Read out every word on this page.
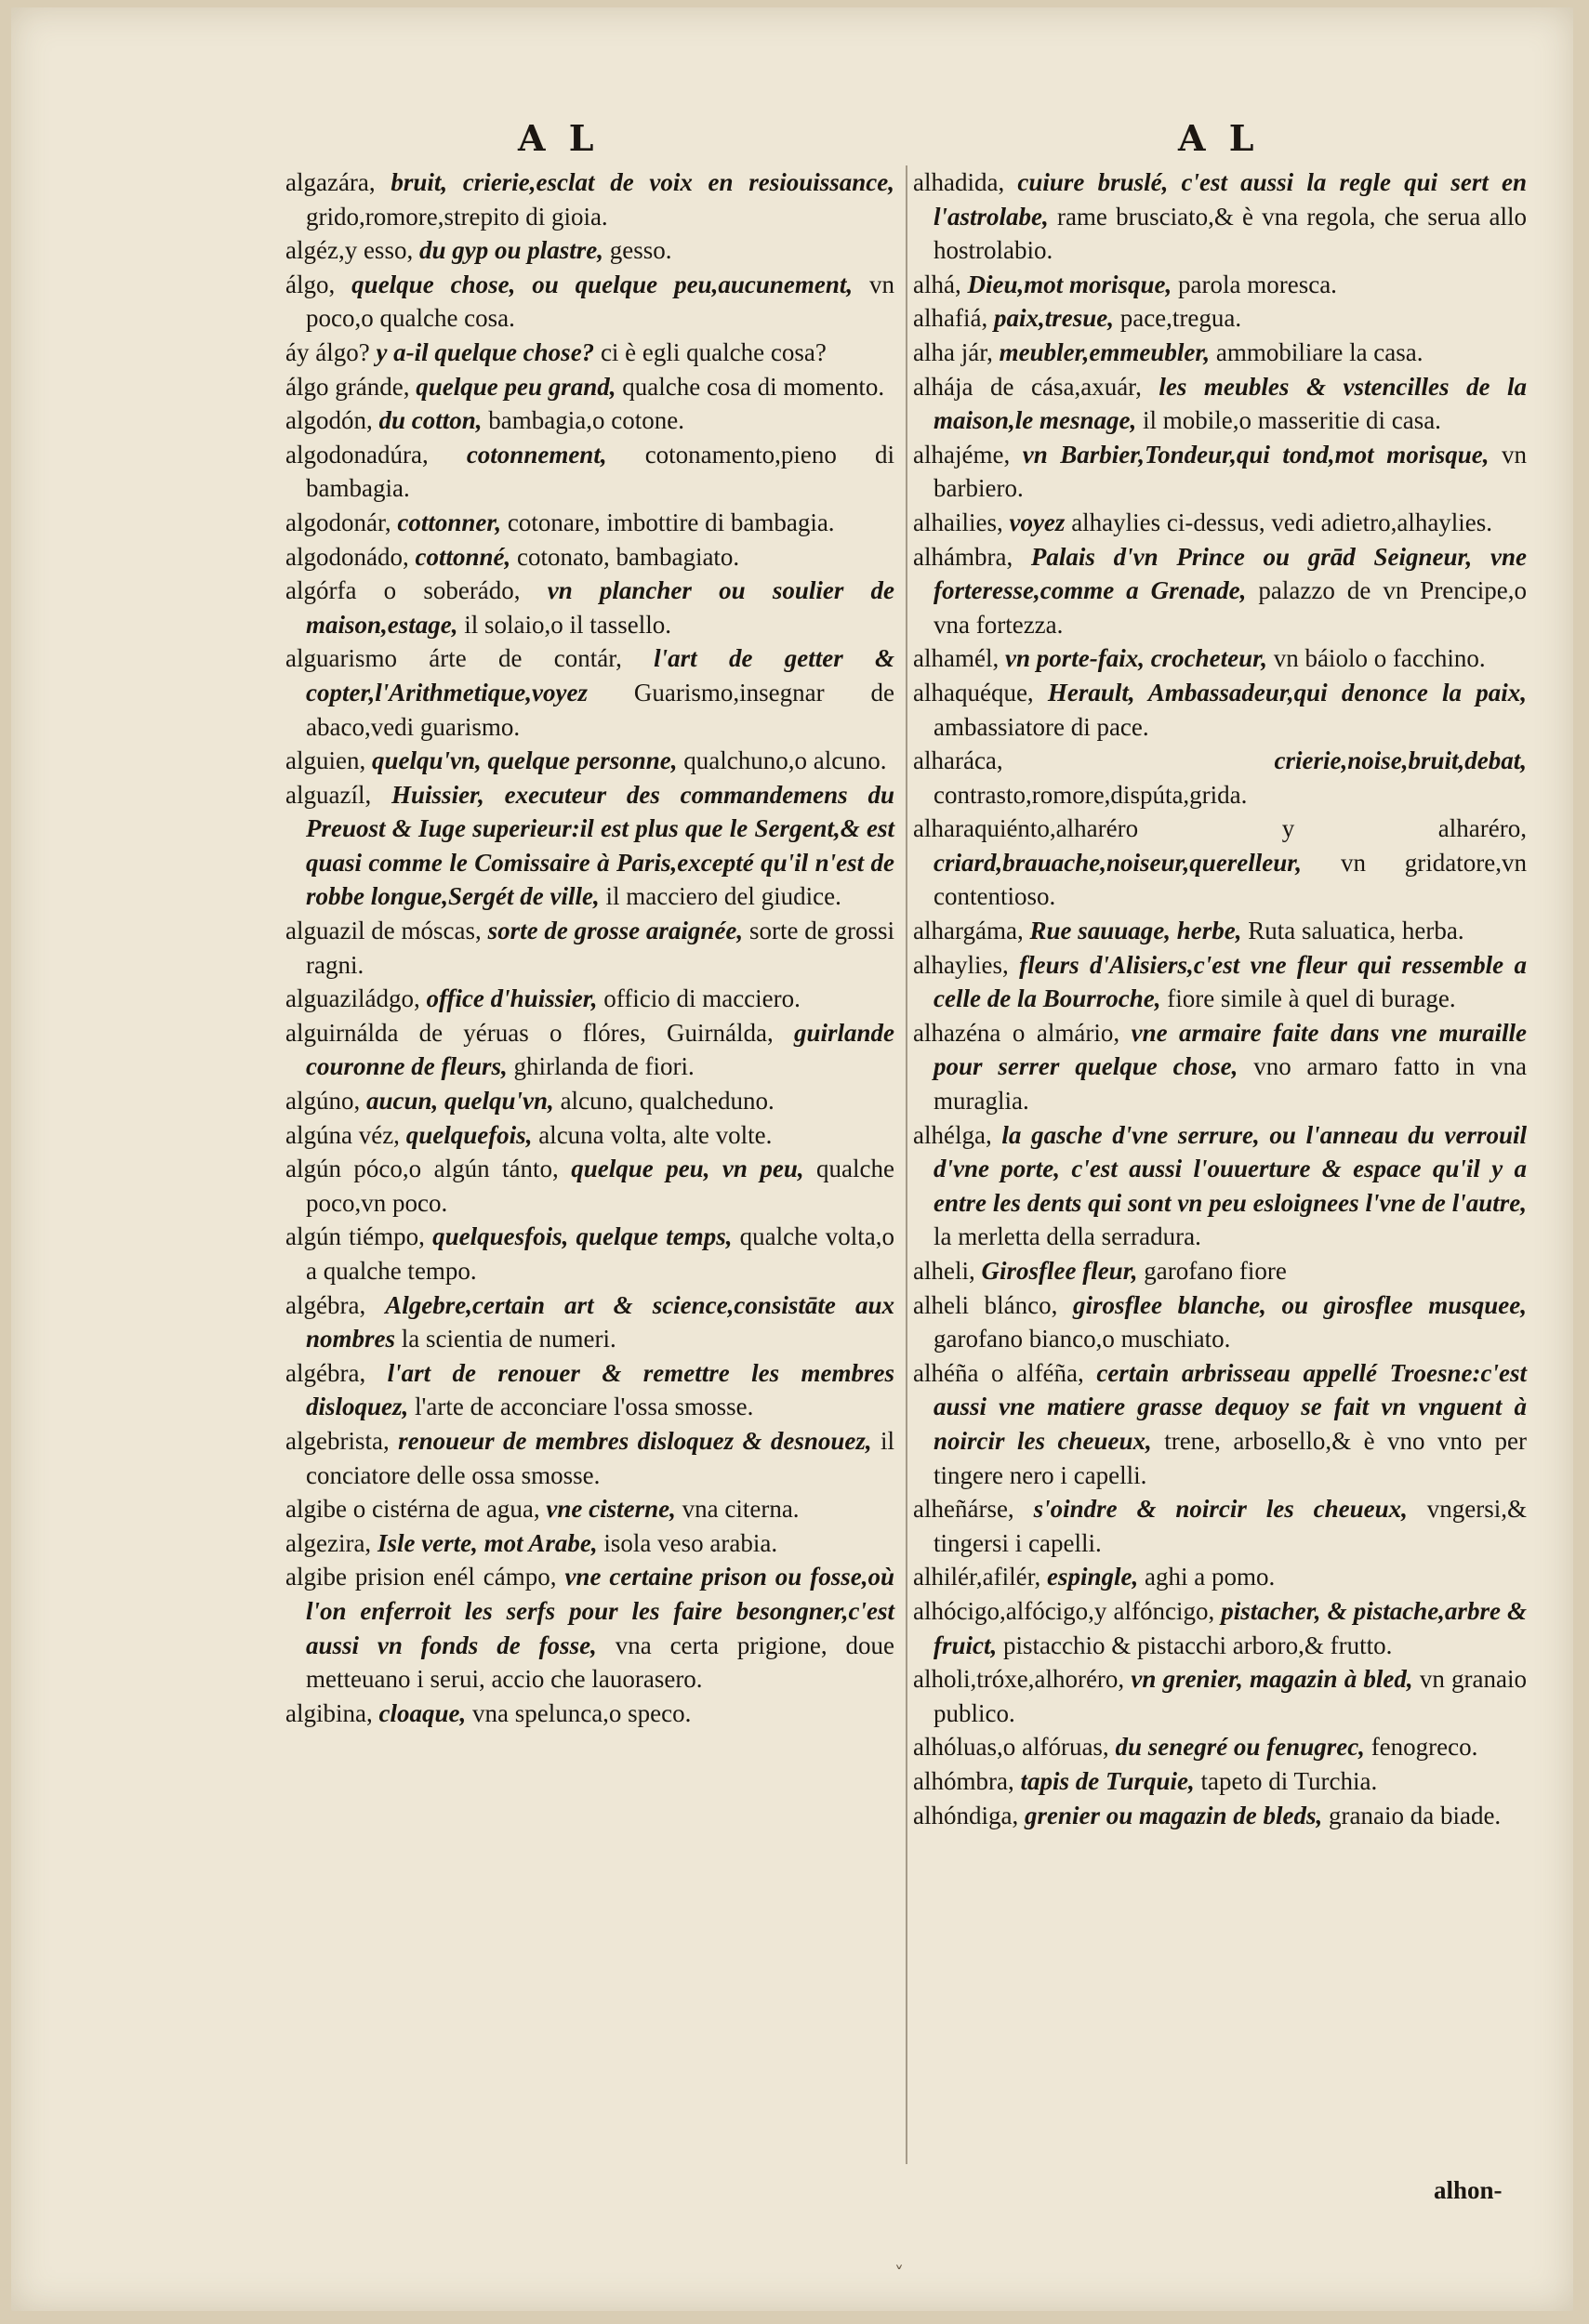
A L	A L

algazára, bruit, crierie,esclat de voix en resiouissance, grido,romore,strepito di gioia.

algéz,y esso, du gyp ou plastre, gesso.

álgo, quelque chose, ou quelque peu,aucunement, vn poco,o qualche cosa.

áy álgo? y a-il quelque chose? ci è egli qualche cosa?

álgo gránde, quelque peu grand, qualche cosa di momento.

algodón, du cotton, bambagia,o cotone.

algodonadúra, cotonnement, cotonamento,pieno di bambagia.

algodonár, cottonner, cotonare, imbottire di bambagia.

algodonádo, cottonné, cotonato, bambagiato.

algórfa o soberádo, vn plancher ou soulier de maison,estage, il solaio,o il tassello.

alguarismo árte de contár, l'art de getter & copter,l'Arithmetique,voyez Guarismo,insegnar de abaco,vedi guarismo.

alguien, quelqu'vn, quelque personne, qualchuno,o alcuno.

alguazíl, Huissier, executeur des commandemens du Preuost & Iuge superieur:il est plus que le Sergent,& est quasi comme le Comissaire à Paris,excepté qu'il n'est de robbe longue,Sergét de ville, il macciero del giudice.

alguazil de móscas, sorte de grosse araignée, sorte de grossi ragni.

alguaziládgo, office d'huissier, officio di macciero.

alguirnálda de yéruas o flóres, Guirnálda, guirlande couronne de fleurs, ghirlanda de fiori.

algúno, aucun, quelqu'vn, alcuno, qualcheduno.

algúna véz, quelquefois, alcuna volta, alte volte.

algún póco,o algún tánto, quelque peu, vn peu, qualche poco,vn poco.

algún tiémpo, quelquesfois, quelque temps, qualche volta,o a qualche tempo.

algébra, Algebre,certain art & science,consistāte aux nombres la scientia de numeri.

algébra, l'art de renouer & remettre les membres disloquez, l'arte de acconciare l'ossa smosse.

algebrista, renoueur de membres disloquez & desnouez, il conciatore delle ossa smosse.

algibe o cistérna de agua, vne cisterne, vna citerna.

algezira, Isle verte, mot Arabe, isola veso arabia.

algibe prision enél cámpo, vne certaine prison ou fosse,où l'on enferroit les serfs pour les faire besongner,c'est aussi vn fonds de fosse, vna certa prigione, doue metteuano i serui, accio che lauorasero.

algibina, cloaque, vna spelunca,o speco.

alhadida, cuiure bruslé, c'est aussi la regle qui sert en l'astrolabe, rame brusciato,& è vna regola, che serua allo hostrolabio.

alhá, Dieu,mot morisque, parola moresca.

alhafiá, paix,tresue, pace,tregua.

alha jár, meubler,emmeubler, ammobiliare la casa.

alhája de cása,axuár, les meubles & vstencilles de la maison,le mesnage, il mobile,o masseritie di casa.

alhajéme, vn Barbier,Tondeur,qui tond,mot morisque, vn barbiero.

alhailies, voyez alhaylies ci-dessus, vedi adietro,alhaylies.

alhámbra, Palais d'vn Prince ou grād Seigneur, vne forteresse,comme a Grenade, palazzo de vn Prencipe,o vna fortezza.

alhamél, vn porte-faix, crocheteur, vn báiolo o facchino.

alhaquéque, Herault, Ambassadeur,qui denonce la paix, ambassiatore di pace.

alharáca,	crierie,noise,bruit,debat, contrasto,romore,dispúta,grida.

alharaquiénto,alharéro y alharéro, criard,brauache,noiseur,querelleur, vn gridatore,vn contentioso.

alhargáma, Rue sauuage, herbe, Ruta saluatica, herba.

alhaylies, fleurs d'Alisiers,c'est vne fleur qui ressemble a celle de la Bourroche, fiore simile à quel di burage.

alhazéna o almário, vne armaire faite dans vne muraille pour serrer quelque chose, vno armaro fatto in vna muraglia.

alhélga, la gasche d'vne serrure, ou l'anneau du verrouil d'vne porte, c'est aussi l'ouuerture & espace qu'il y a entre les dents qui sont vn peu esloignees l'vne de l'autre, la merletta della serradura.

alheli, Girosflee fleur, garofano fiore

alheli blánco, girosflee blanche, ou girosflee musquee, garofano bianco,o muschiato.

alhéña o alféña, certain arbrisseau appellé Troesne:c'est aussi vne matiere grasse dequoy se fait vn vnguent à noircir les cheueux, trene, arbosello,& è vno vnto per tingere nero i capelli.

alheñárse, s'oindre & noircir les cheueux, vngersi,& tingersi i capelli.

alhilér,afilér, espingle, aghi a pomo.

alhócigo,alfócigo,y alfóncigo, pistacher, & pistache,arbre & fruict, pistacchio & pistacchi arboro,& frutto.

alholi,tróxe,alhoréro, vn grenier, magazin à bled, vn granaio publico.

alhóluas,o alfóruas, du senegré ou fenugrec, fenogreco.

alhómbra, tapis de Turquie, tapeto di Turchia.

alhóndiga, grenier ou magazin de bleds, granaio da biade.

alhon-
˅
